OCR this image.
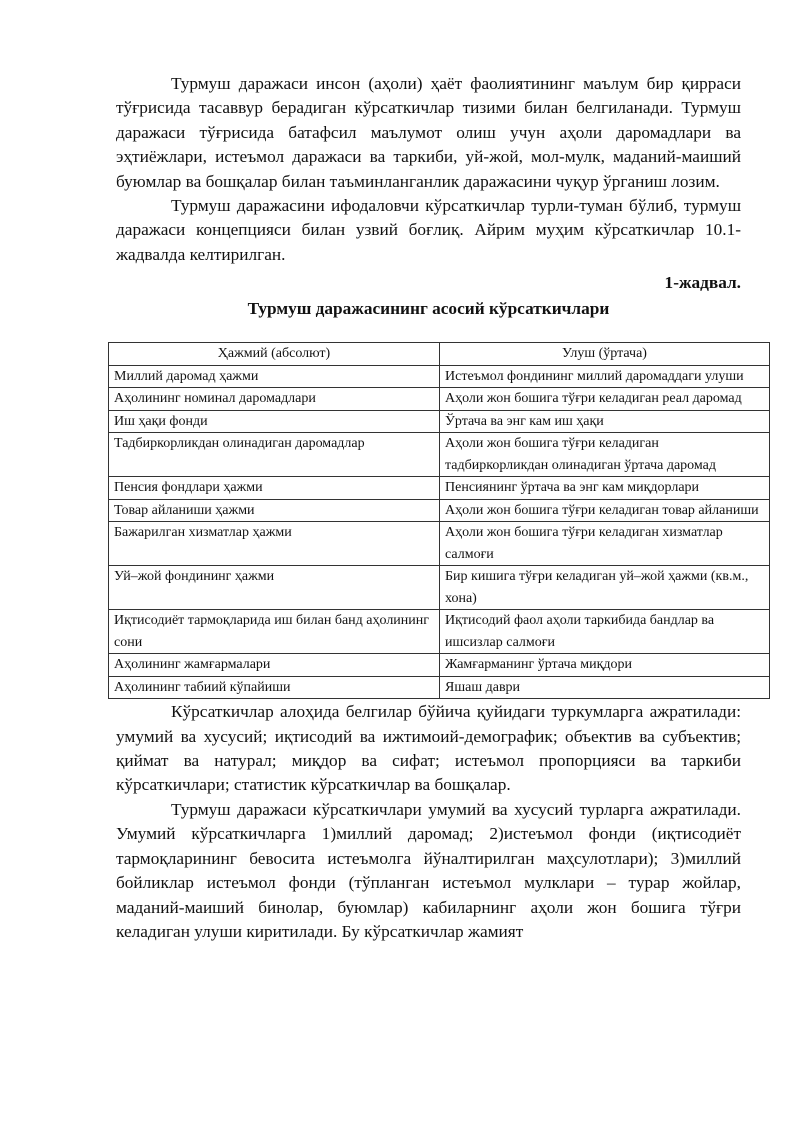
Турмуш даражаси инсон (аҳоли) ҳаёт фаолиятининг маълум бир қирраси тўғрисида тасаввур берадиган кўрсаткичлар тизими билан белгиланади. Турмуш даражаси тўғрисида батафсил маълумот олиш учун аҳоли даромадлари ва эҳтиёжлари, истеъмол даражаси ва таркиби, уй-жой, мол-мулк, маданий-маиший буюмлар ва бошқалар билан таъминланганлик даражасини чуқур ўрганиш лозим.

Турмуш даражасини ифодаловчи кўрсаткичлар турли-туман бўлиб, турмуш даражаси концепцияси билан узвий боғлиқ. Айрим муҳим кўрсаткичлар 10.1-жадвалда келтирилган.

1-жадвал.
Турмуш даражасининг асосий кўрсаткичлари
Ҳажмий (абсолют)	Улуш (ўртача)
Миллий даромад ҳажми	Истеъмол фондининг миллий даромаддаги улуши
Аҳолининг номинал даромадлари	Аҳоли жон бошига тўғри келадиган реал даромад
Иш ҳақи фонди	Ўртача ва энг кам иш ҳақи
Тадбиркорликдан олинадиган даромадлар	Аҳоли жон бошига тўғри келадиган тадбиркорликдан олинадиган ўртача даромад
Пенсия фондлари ҳажми	Пенсиянинг ўртача ва энг кам миқдорлари
Товар айланиши ҳажми	Аҳоли жон бошига тўғри келадиган товар айланиши
Бажарилган хизматлар ҳажми	Аҳоли жон бошига тўғри келадиган хизматлар салмоғи
Уй–жой фондининг ҳажми	Бир кишига тўғри келадиган уй–жой ҳажми (кв.м., хона)
Иқтисодиёт тармоқларида иш билан банд аҳолининг сони	Иқтисодий фаол аҳоли таркибида бандлар ва ишсизлар салмоғи
Аҳолининг жамғармалари	Жамғарманинг ўртача миқдори
Аҳолининг табиий кўпайиши	Яшаш даври

Кўрсаткичлар алоҳида белгилар бўйича қуйидаги туркумларга ажратилади: умумий ва хусусий; иқтисодий ва ижтимоий-демографик; объектив ва субъектив; қиймат ва натурал; миқдор ва сифат; истеъмол пропорцияси ва таркиби кўрсаткичлари; статистик кўрсаткичлар ва бошқалар.

Турмуш даражаси кўрсаткичлари умумий ва хусусий турларга ажратилади. Умумий кўрсаткичларга 1)миллий даромад; 2)истеъмол фонди (иқтисодиёт тармоқларининг бевосита истеъмолга йўналтирилган маҳсулотлари); 3)миллий бойликлар истеъмол фонди (тўпланган истеъмол мулклари – турар жойлар, маданий-маиший бинолар, буюмлар) кабиларнинг аҳоли жон бошига тўғри келадиган улуши киритилади. Бу кўрсаткичлар жамият
